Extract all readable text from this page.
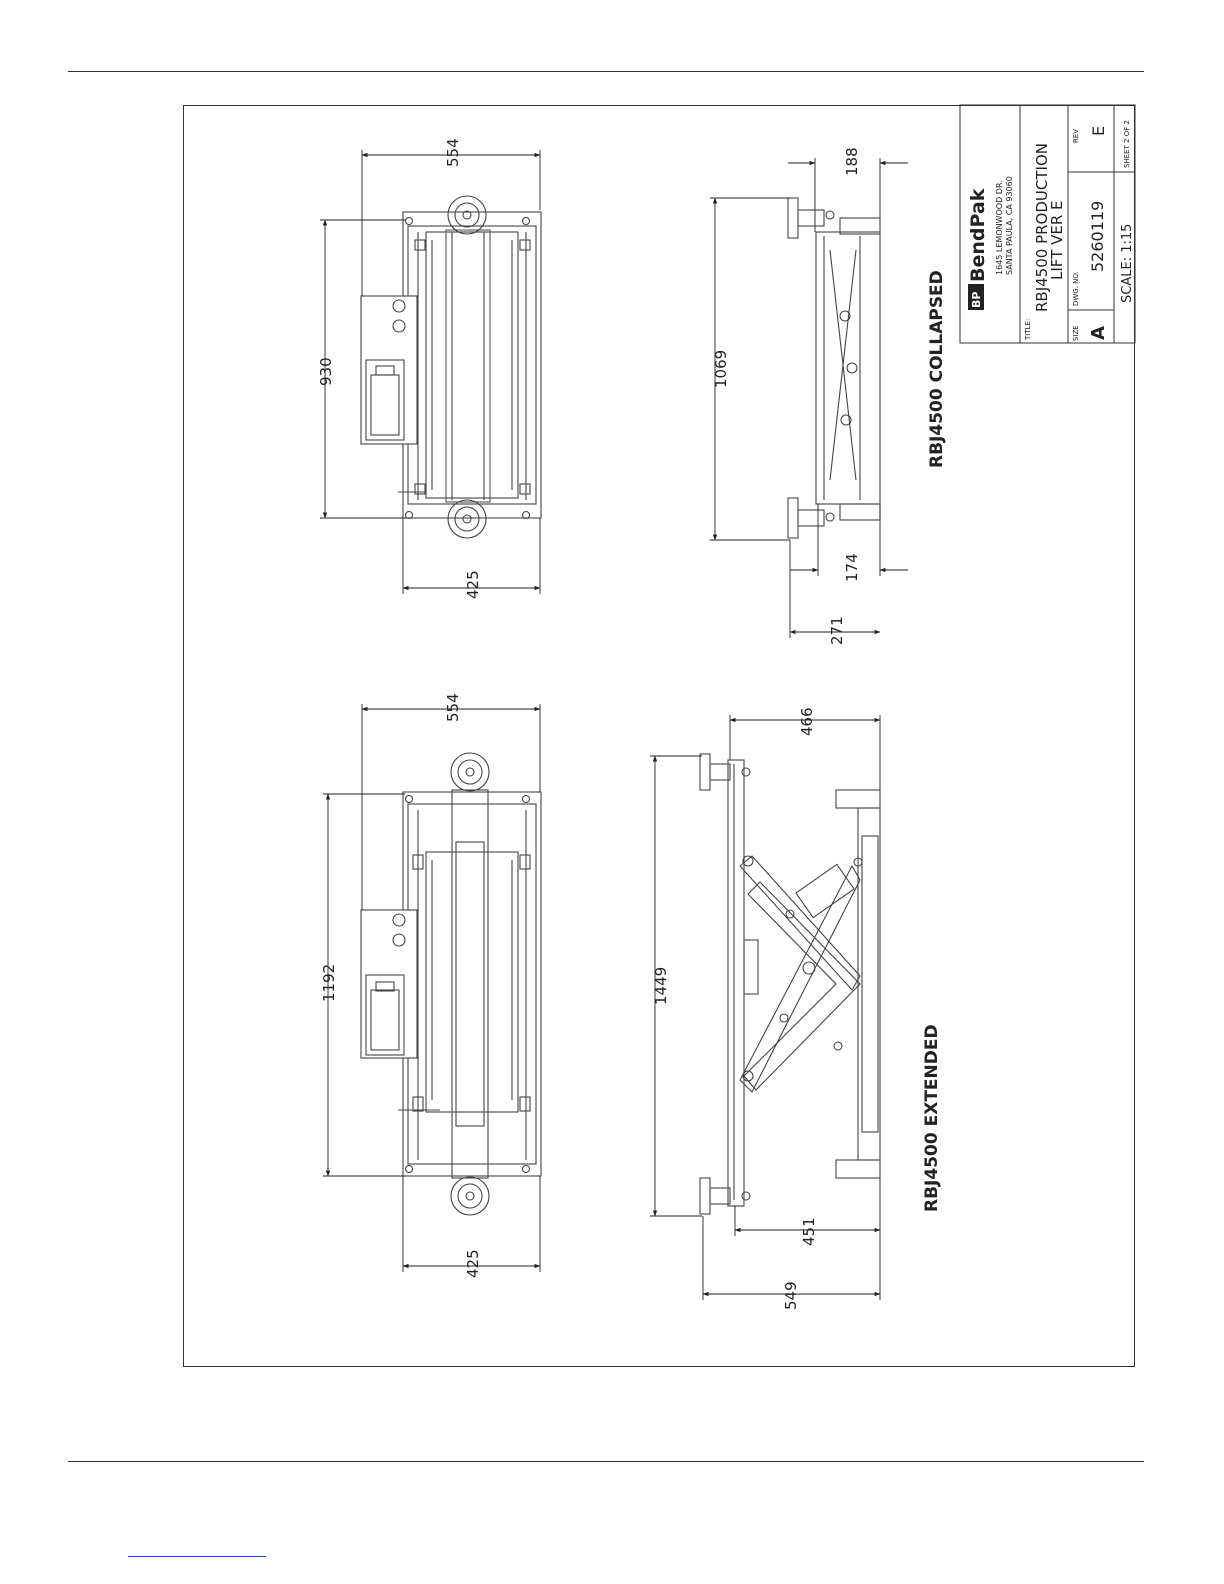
BP
BendPak 1645 LEMONWOOD DR. SANTA PAULA, CA 93060
TITLE:
RBJ4500 PRODUCTION
LIFT VER E
SIZE A
DWG. NO.
5260119
REV E
SCALE: 1:15
SHEET 2 OF 2
RBJ4500 COLLAPSED
RBJ4500 EXTENDED
554
930
425
1069
188
174
271
554
1192
425
1449
466
451
549
